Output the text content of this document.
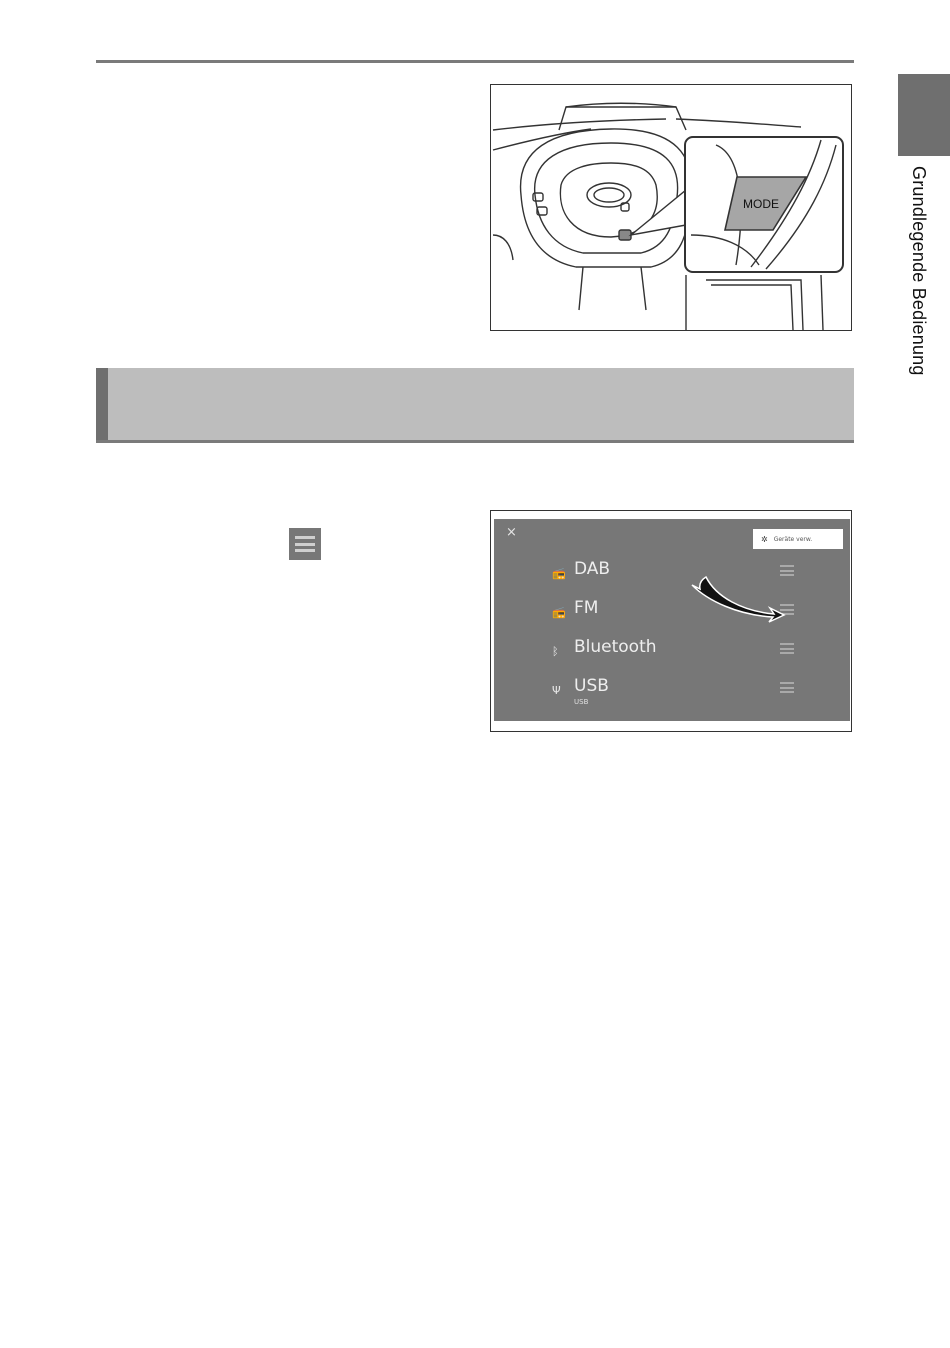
Grundlegende Bedienung
MODE
×	✲ Geräte verw.
📻 DAB
📻 FM
ᛒ Bluetooth
Ψ USB
USB
